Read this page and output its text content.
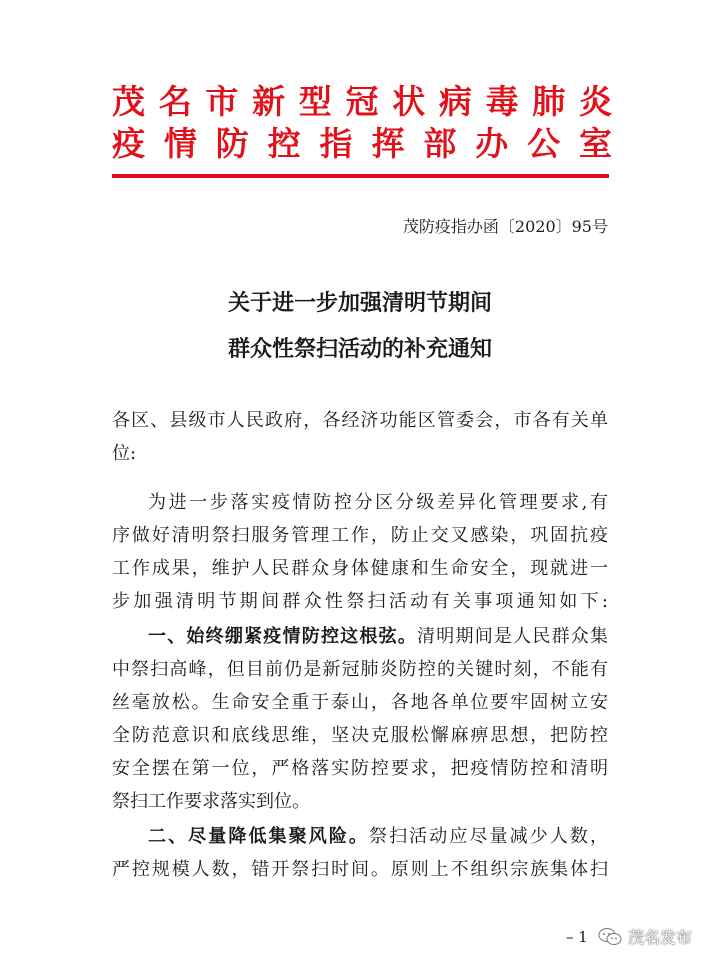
茂名市新型冠状病毒肺炎
疫情防控指挥部办公室
茂防疫指办函〔2020〕95号
关于进一步加强清明节期间
群众性祭扫活动的补充通知
各区、县级市人民政府，各经济功能区管委会，市各有关单
位:
为进一步落实疫情防控分区分级差异化管理要求,有
序做好清明祭扫服务管理工作，防止交叉感染，巩固抗疫
工作成果，维护人民群众身体健康和生命安全，现就进一
步加强清明节期间群众性祭扫活动有关事项通知如下:
一、始终绷紧疫情防控这根弦。清明期间是人民群众集
中祭扫高峰，但目前仍是新冠肺炎防控的关键时刻，不能有
丝毫放松。生命安全重于泰山，各地各单位要牢固树立安
全防范意识和底线思维，坚决克服松懈麻痹思想，把防控
安全摆在第一位，严格落实防控要求，把疫情防控和清明
祭扫工作要求落实到位。
二、尽量降低集聚风险。祭扫活动应尽量减少人数，
严控规模人数，错开祭扫时间。原则上不组织宗族集体扫
– 1	茂名发布
